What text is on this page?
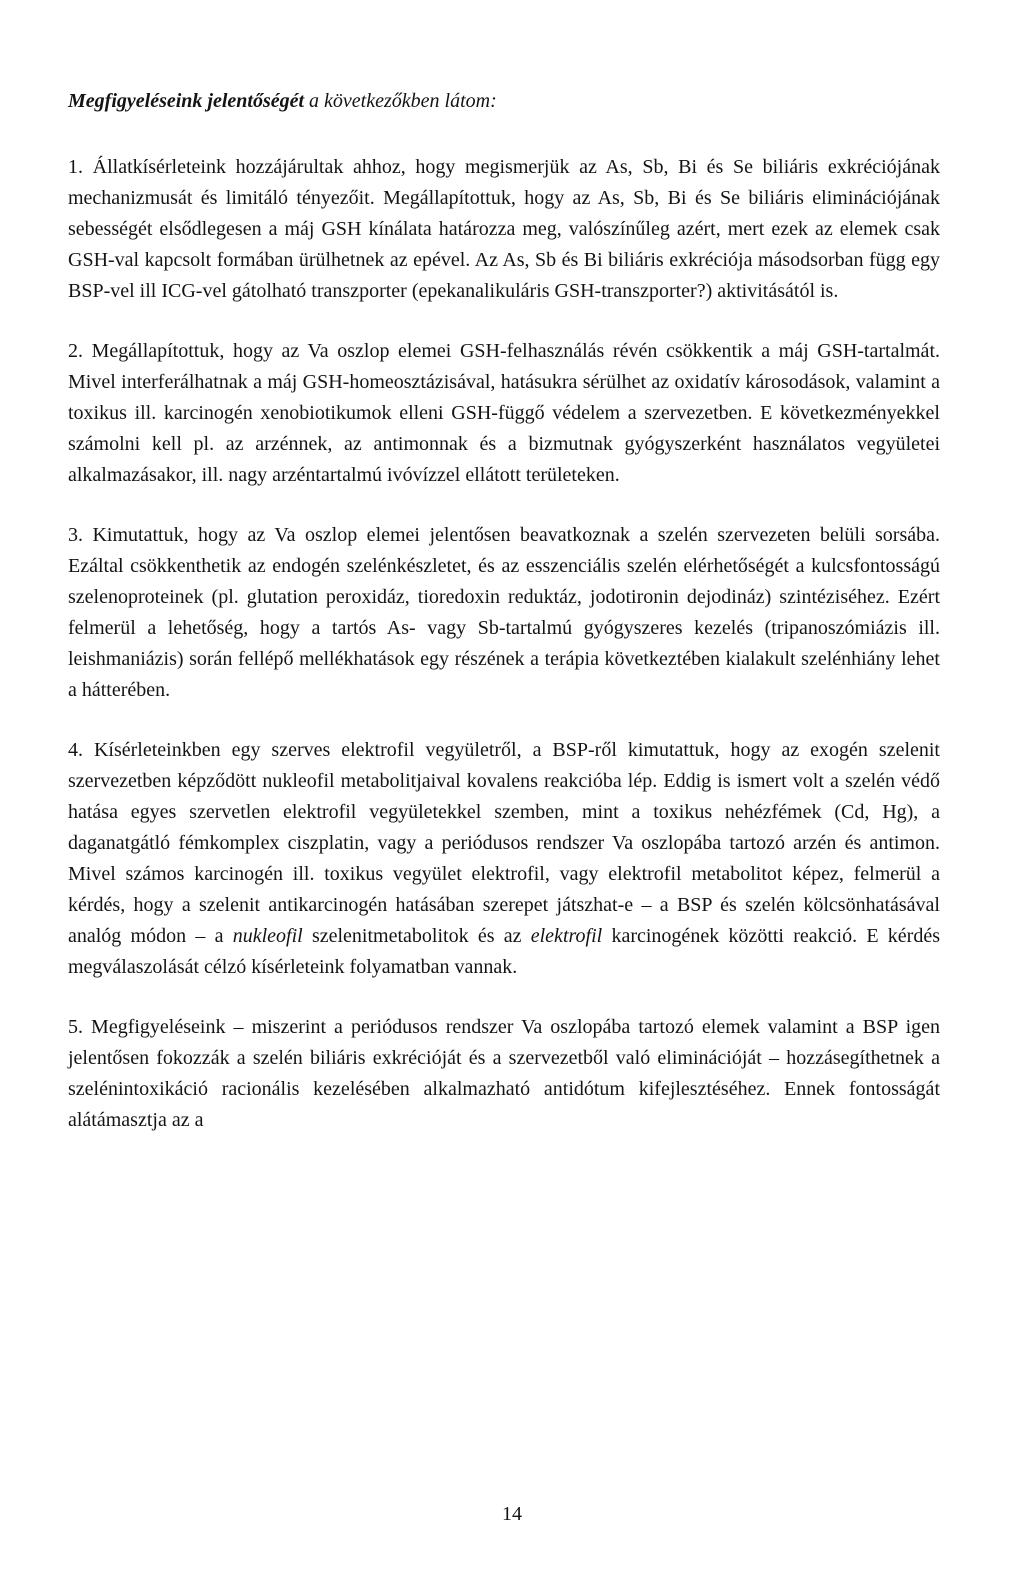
Megfigyeléseink jelentőségét a következőkben látom:

1. Állatkísérleteink hozzájárultak ahhoz, hogy megismerjük az As, Sb, Bi és Se biliáris exkréciójának mechanizmusát és limitáló tényezőit. Megállapítottuk, hogy az As, Sb, Bi és Se biliáris eliminációjának sebességét elsődlegesen a máj GSH kínálata határozza meg, valószínűleg azért, mert ezek az elemek csak GSH-val kapcsolt formában ürülhetnek az epével. Az As, Sb és Bi biliáris exkréciója másodsorban függ egy BSP-vel ill ICG-vel gátolható transzporter (epekanalikuláris GSH-transzporter?) aktivitásától is.

2. Megállapítottuk, hogy az Va oszlop elemei GSH-felhasználás révén csökkentik a máj GSH-tartalmát. Mivel interferálhatnak a máj GSH-homeosztázisával, hatásukra sérülhet az oxidatív károsodások, valamint a toxikus ill. karcinogén xenobiotikumok elleni GSH-függő védelem a szervezetben. E következményekkel számolni kell pl. az arzénnek, az antimonnak és a bizmutnak gyógyszerként használatos vegyületei alkalmazásakor, ill. nagy arzéntartalmú ivóvízzel ellátott területeken.

3. Kimutattuk, hogy az Va oszlop elemei jelentősen beavatkoznak a szelén szervezeten belüli sorsába. Ezáltal csökkenthetik az endogén szelénkészletet, és az esszenciális szelén elérhetőségét a kulcsfontosságú szelenoproteinek (pl. glutation peroxidáz, tioredoxin reduktáz, jodotironin dejodináz) szintéziséhez. Ezért felmerül a lehetőség, hogy a tartós As- vagy Sb-tartalmú gyógyszeres kezelés (tripanoszómiázis ill. leishmaniázis) során fellépő mellékhatások egy részének a terápia következtében kialakult szelénhiány lehet a hátterében.

4. Kísérleteinkben egy szerves elektrofil vegyületről, a BSP-ről kimutattuk, hogy az exogén szelenit szervezetben képződött nukleofil metabolitjaival kovalens reakcióba lép. Eddig is ismert volt a szelén védő hatása egyes szervetlen elektrofil vegyületekkel szemben, mint a toxikus nehézfémek (Cd, Hg), a daganatgátló fémkomplex ciszplatin, vagy a periódusos rendszer Va oszlopába tartozó arzén és antimon. Mivel számos karcinogén ill. toxikus vegyület elektrofil, vagy elektrofil metabolitot képez, felmerül a kérdés, hogy a szelenit antikarcinogén hatásában szerepet játszhat-e – a BSP és szelén kölcsönhatásával analóg módon – a nukleofil szelenitmetabolitok és az elektrofil karcinogének közötti reakció. E kérdés megválaszolását célzó kísérleteink folyamatban vannak.

5. Megfigyeléseink – miszerint a periódusos rendszer Va oszlopába tartozó elemek valamint a BSP igen jelentősen fokozzák a szelén biliáris exkrécióját és a szervezetből való eliminációját – hozzásegíthetnek a szelénintoxikáció racionális kezelésében alkalmazható antidótum kifejlesztéséhez. Ennek fontosságát alátámasztja az a

14
